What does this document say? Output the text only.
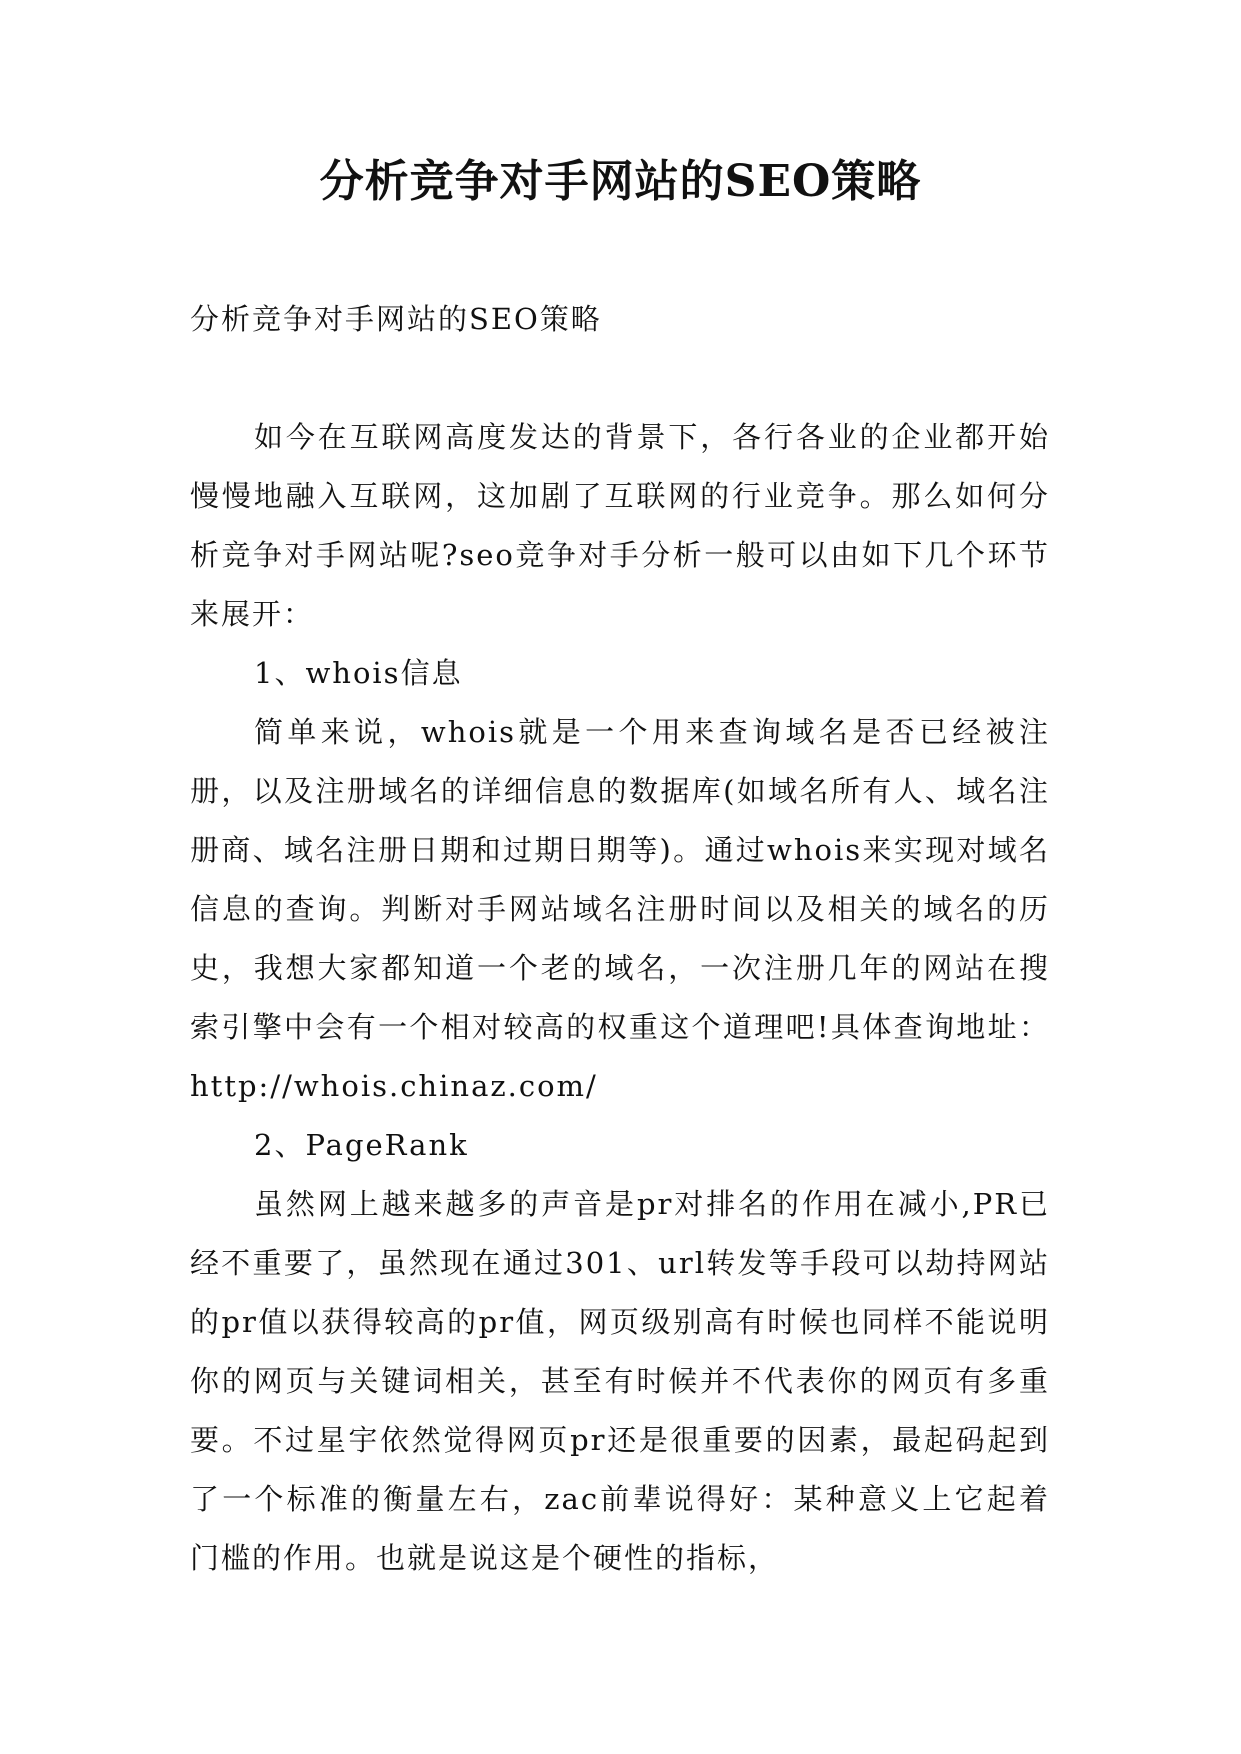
分析竞争对手网站的SEO策略

分析竞争对手网站的SEO策略

如今在互联网高度发达的背景下，各行各业的企业都开始慢慢地融入互联网，这加剧了互联网的行业竞争。那么如何分析竞争对手网站呢?seo竞争对手分析一般可以由如下几个环节来展开：

1、whois信息

简单来说，whois就是一个用来查询域名是否已经被注册，以及注册域名的详细信息的数据库(如域名所有人、域名注册商、域名注册日期和过期日期等)。通过whois来实现对域名信息的查询。判断对手网站域名注册时间以及相关的域名的历史，我想大家都知道一个老的域名，一次注册几年的网站在搜索引擎中会有一个相对较高的权重这个道理吧!具体查询地址：http://whois.chinaz.com/

2、PageRank

虽然网上越来越多的声音是pr对排名的作用在减小,PR已经不重要了，虽然现在通过301、url转发等手段可以劫持网站的pr值以获得较高的pr值，网页级别高有时候也同样不能说明你的网页与关键词相关，甚至有时候并不代表你的网页有多重要。不过星宇依然觉得网页pr还是很重要的因素，最起码起到了一个标准的衡量左右，zac前辈说得好：某种意义上它起着门槛的作用。也就是说这是个硬性的指标，
